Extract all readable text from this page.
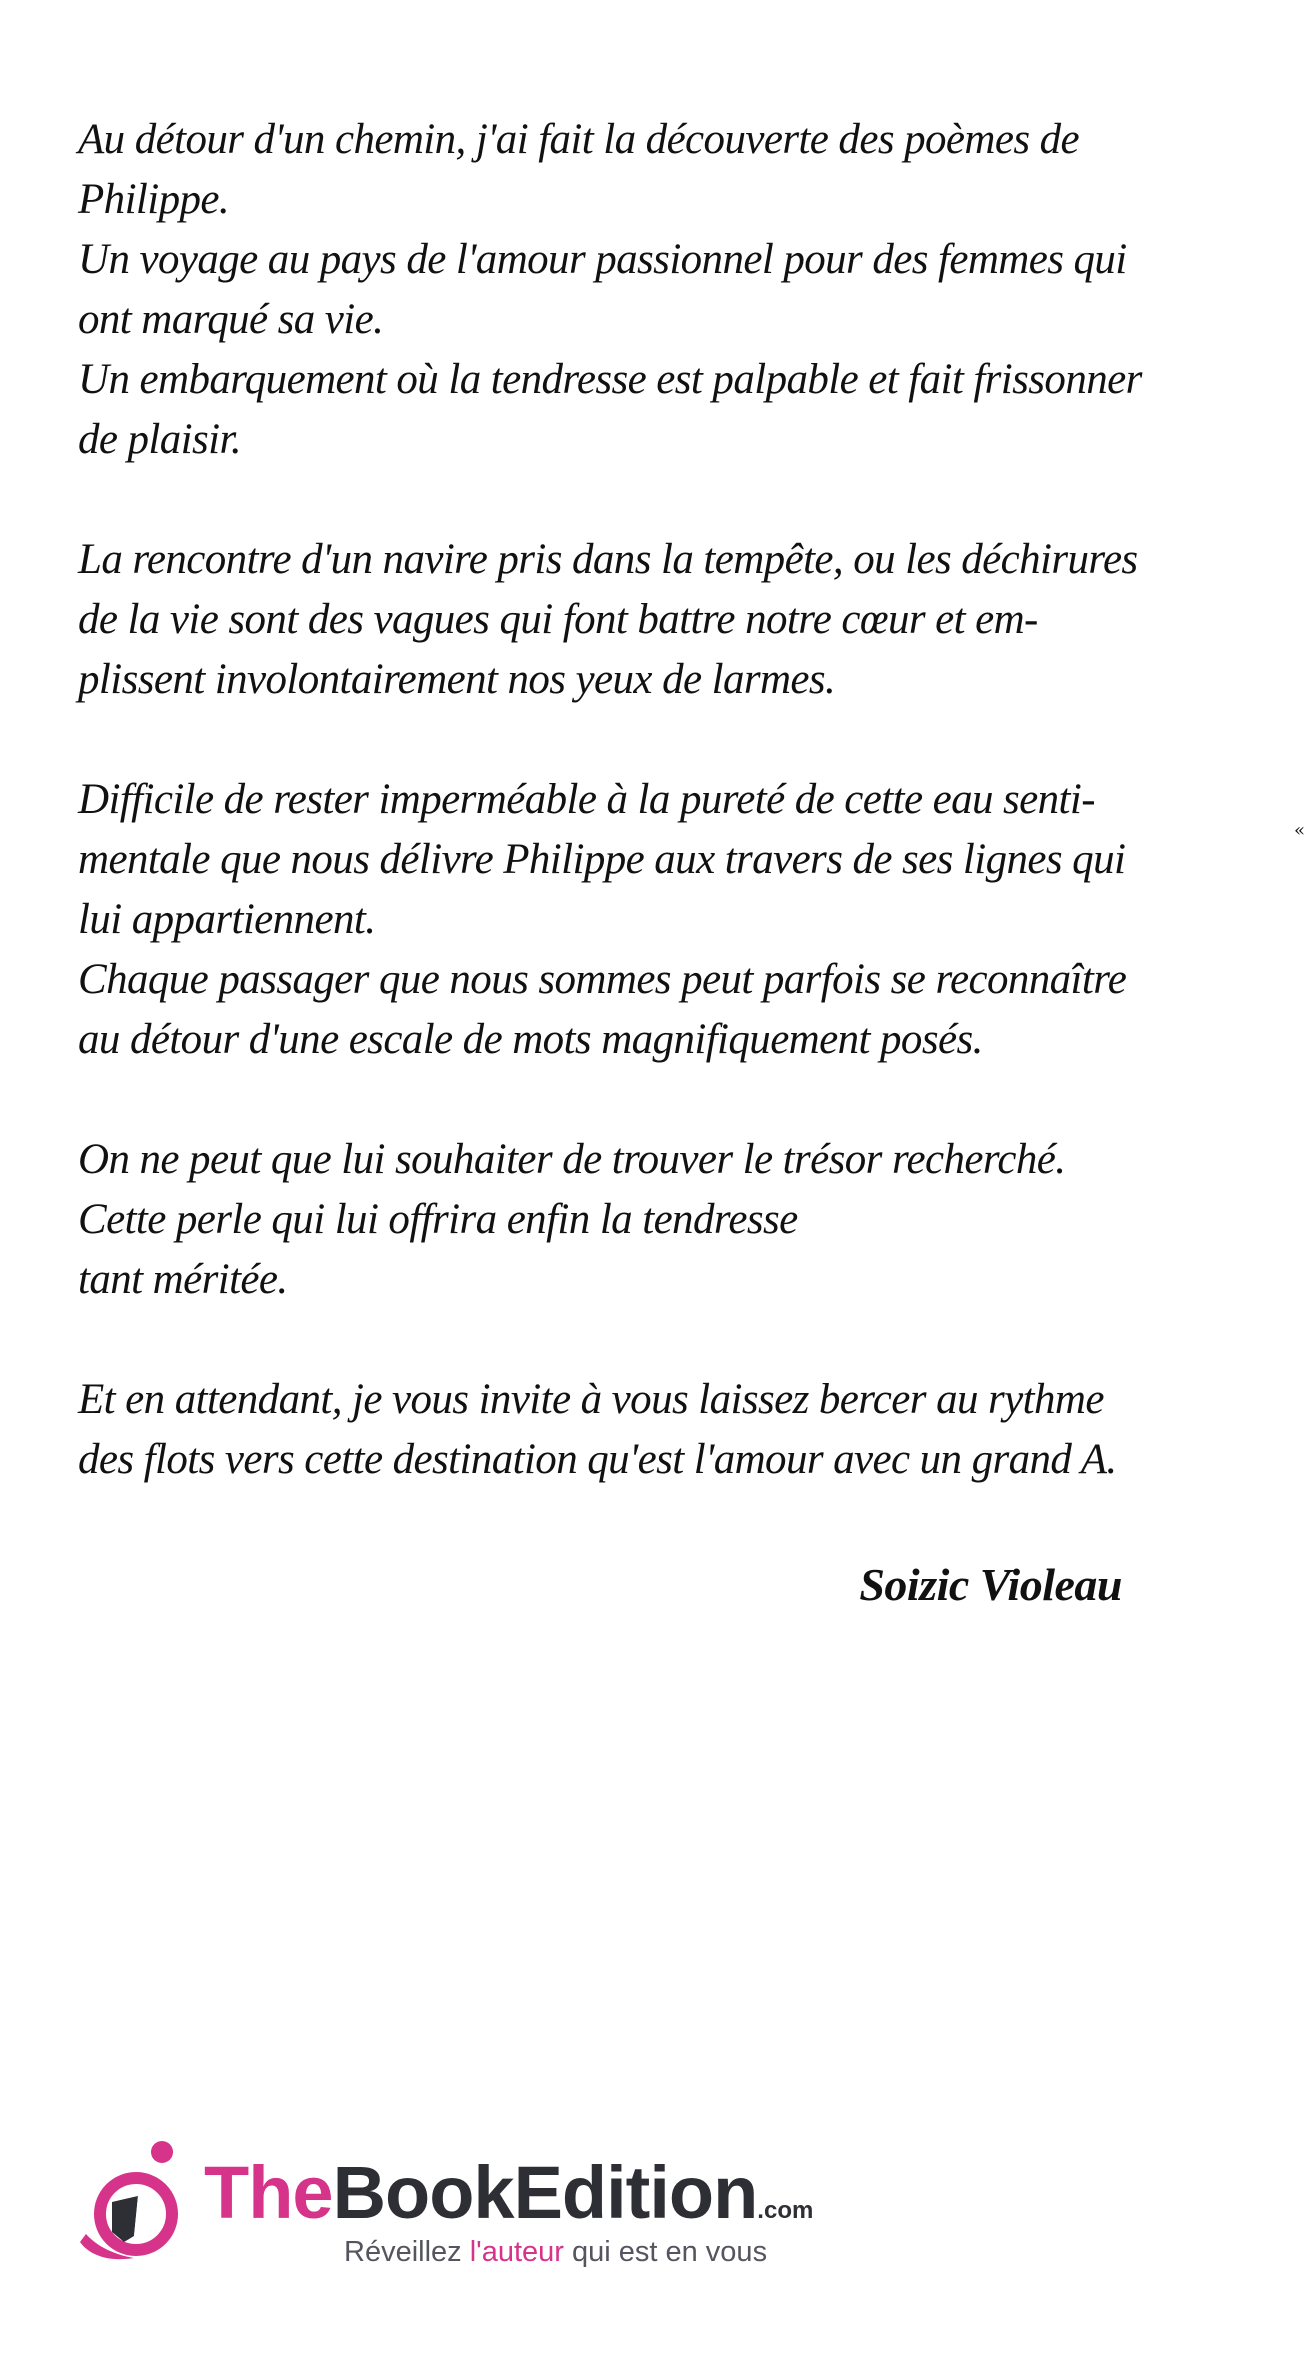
Au détour d'un chemin, j'ai fait la découverte des poèmes de
Philippe.
Un voyage au pays de l'amour passionnel pour des femmes qui
ont marqué sa vie.
Un embarquement où la tendresse est palpable et fait frissonner
de plaisir.
La rencontre d'un navire pris dans la tempête, ou les déchirures
de la vie sont des vagues qui font battre notre cœur et em-
plissent involontairement nos yeux de larmes.
Difficile de rester imperméable à la pureté de cette eau senti-
mentale que nous délivre Philippe aux travers de ses lignes qui
lui appartiennent.
Chaque passager que nous sommes peut parfois se reconnaître
au détour d'une escale de mots magnifiquement posés.
On ne peut que lui souhaiter de trouver le trésor recherché.
Cette perle qui lui offrira enfin la tendresse
tant méritée.
Et en attendant, je vous invite à vous laissez bercer au rythme
des flots vers cette destination qu'est l'amour avec un grand A.
Soizic Violeau
«
TheBookEdition.com
Réveillez l'auteur qui est en vous
